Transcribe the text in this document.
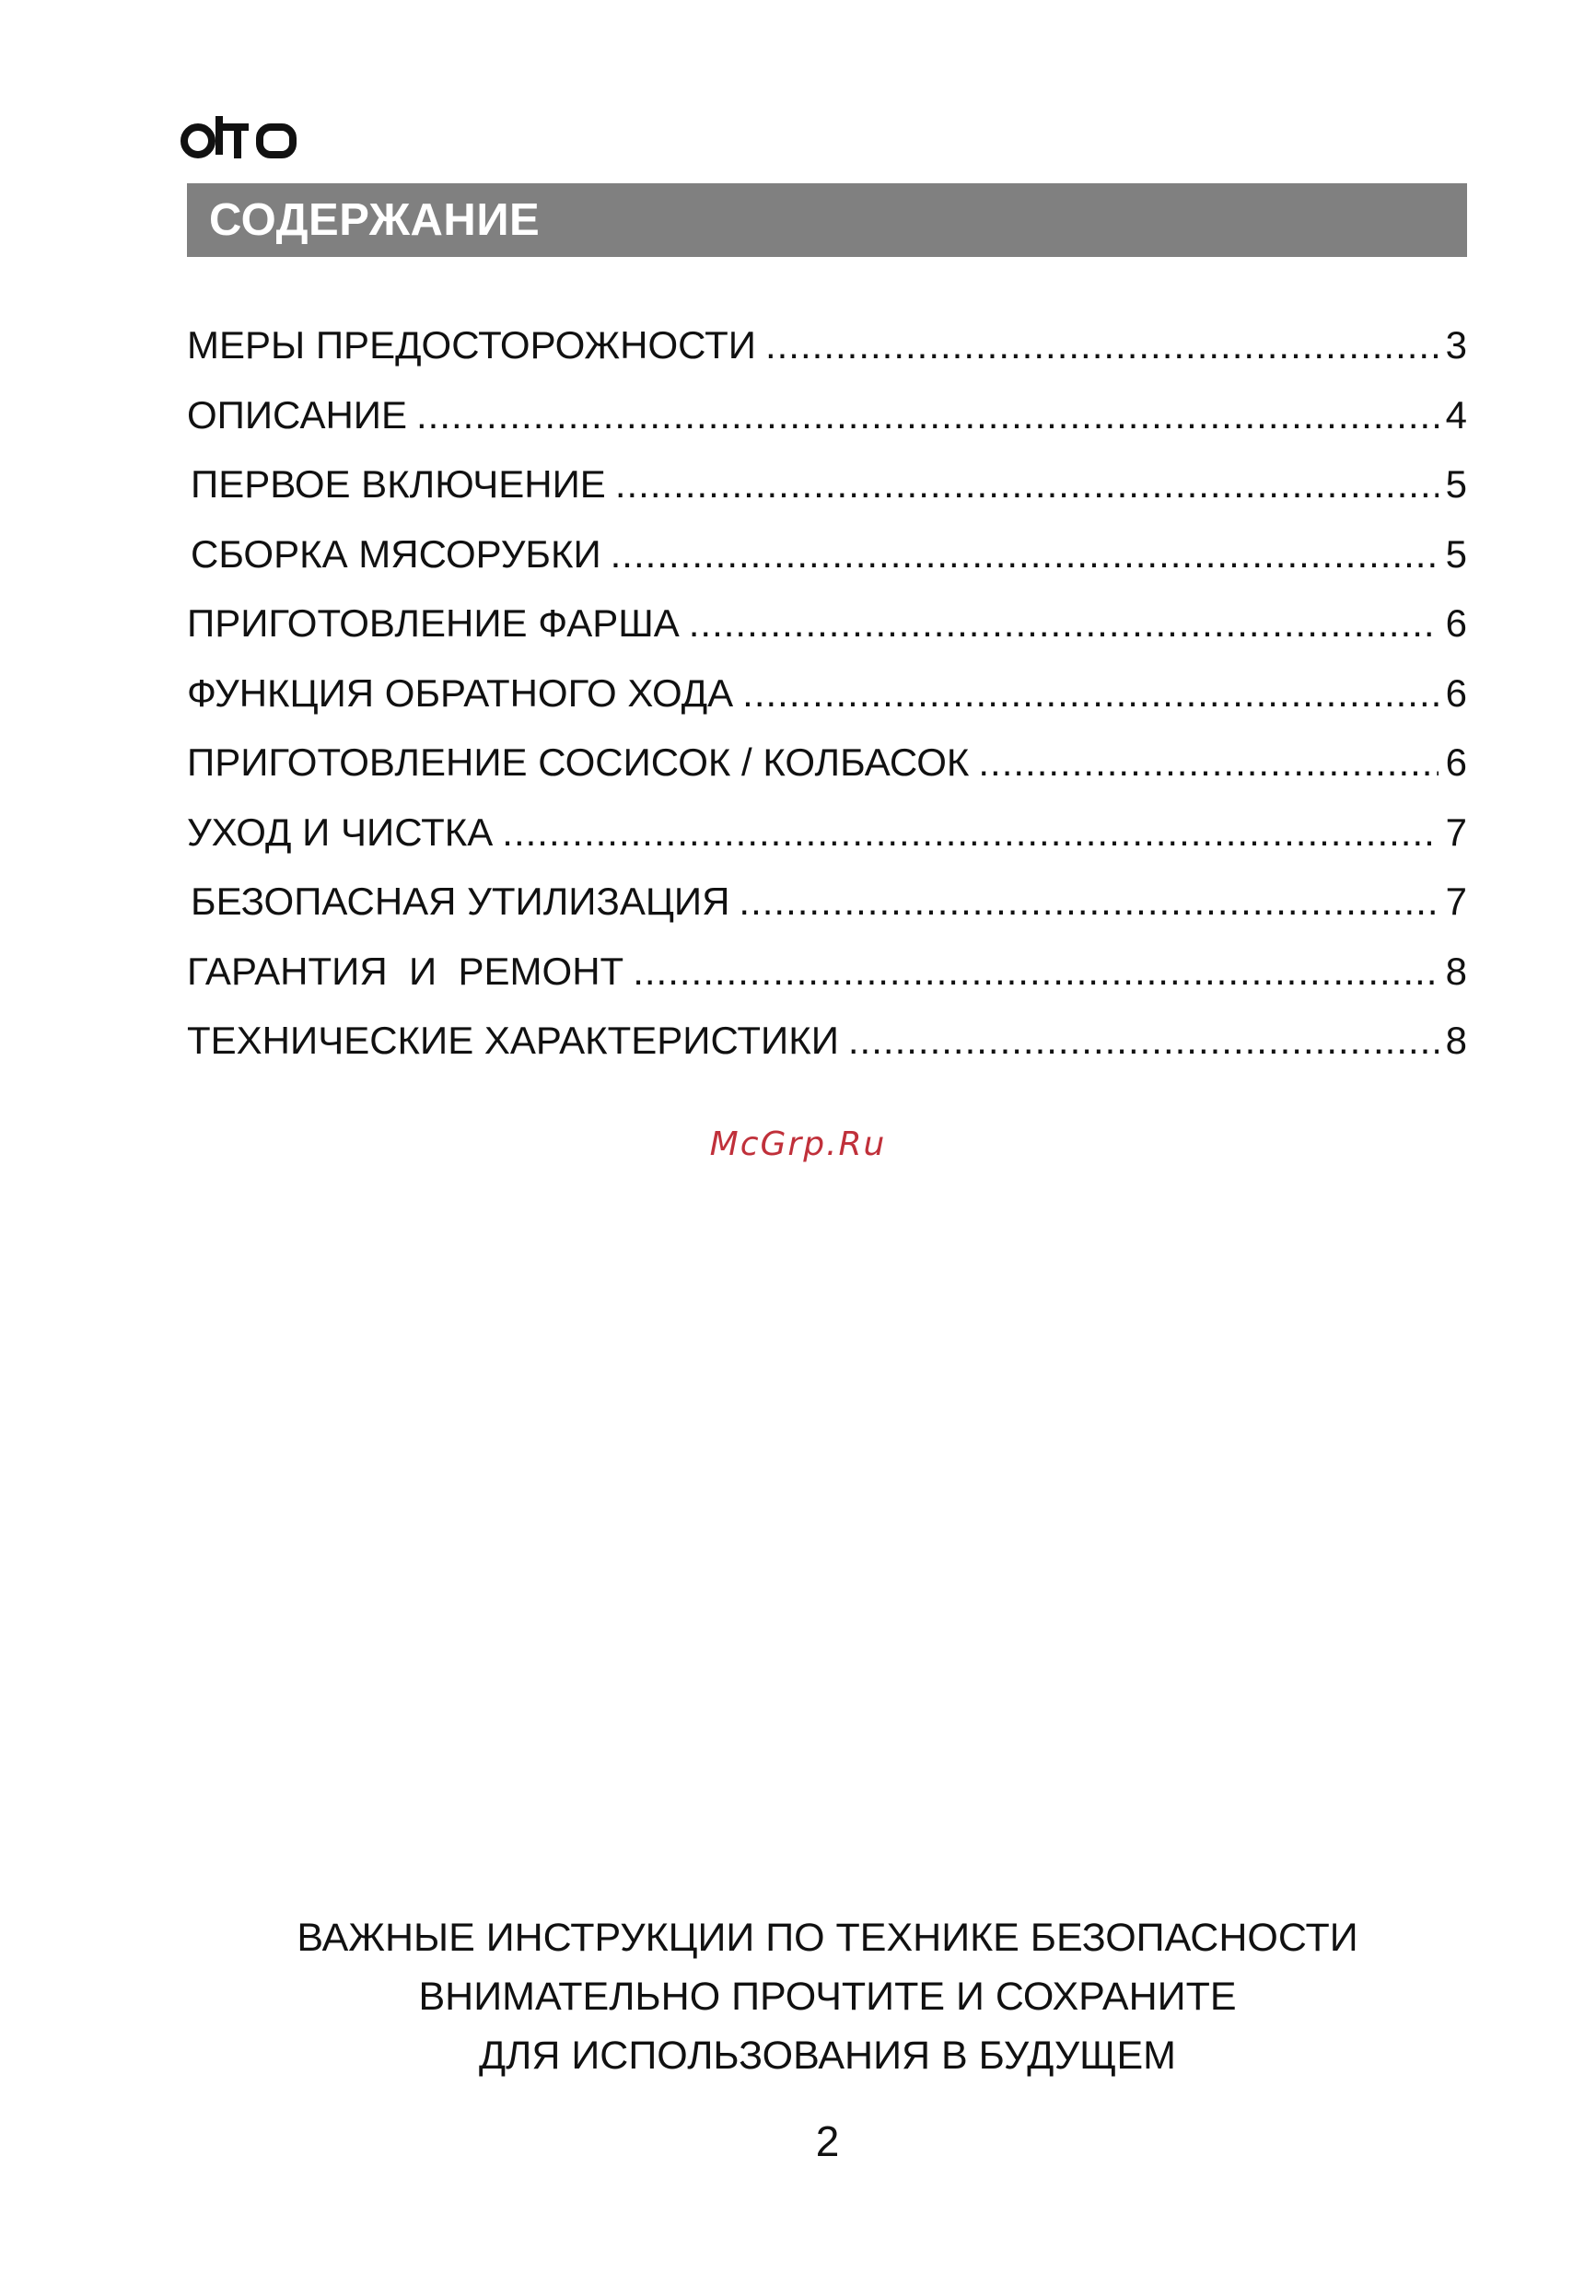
СОДЕРЖАНИЕ
МЕРЫ ПРЕДОСТОРОЖНОСТИ .....	3
ОПИСАНИЕ .....	4
ПЕРВОЕ ВКЛЮЧЕНИЕ .....	5
СБОРКА МЯСОРУБКИ .....	5
ПРИГОТОВЛЕНИЕ ФАРША .....	6
ФУНКЦИЯ ОБРАТНОГО ХОДА .....	6
ПРИГОТОВЛЕНИЕ СОСИСОК / КОЛБАСОК .....	6
УХОД И ЧИСТКА .....	7
БЕЗОПАСНАЯ УТИЛИЗАЦИЯ .....	7
ГАРАНТИЯ  И  РЕМОНТ .....	8
ТЕХНИЧЕСКИЕ ХАРАКТЕРИСТИКИ .....	8
McGrp.Ru
ВАЖНЫЕ ИНСТРУКЦИИ ПО ТЕХНИКЕ БЕЗОПАСНОСТИ
ВНИМАТЕЛЬНО ПРОЧТИТЕ И СОХРАНИТЕ
ДЛЯ ИСПОЛЬЗОВАНИЯ В БУДУЩЕМ
2
